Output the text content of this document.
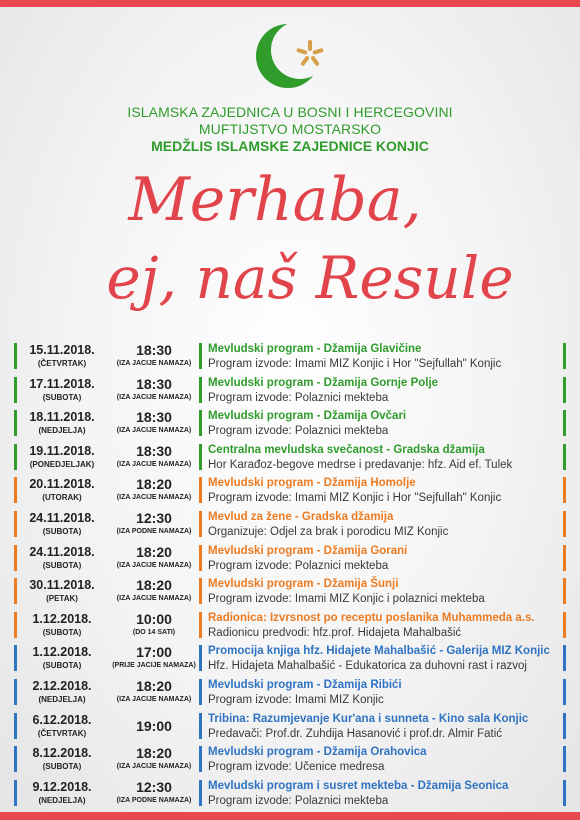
ISLAMSKA ZAJEDNICA U BOSNI I HERCEGOVINI
MUFTIJSTVO MOSTARSKO
MEDŽLIS ISLAMSKE ZAJEDNICE KONJIC
Merhaba,
ej, naš Resule
15.11.2018.
(ČETVRTAK)
18:30
(IZA JACIJE NAMAZA)
Mevludski program - Džamija Glavičine
Program izvode: Imami MIZ Konjic i Hor "Sejfullah" Konjic
17.11.2018.
(SUBOTA)
18:30
(IZA JACIJE NAMAZA)
Mevludski program - Džamija Gornje Polje
Program izvode: Polaznici mekteba
18.11.2018.
(NEDJELJA)
18:30
(IZA JACIJE NAMAZA)
Mevludski program - Džamija Ovčari
Program izvode: Polaznici mekteba
19.11.2018.
(PONEDJELJAK)
18:30
(IZA JACIJE NAMAZA)
Centralna mevludska svečanost - Gradska džamija
Hor Karađoz-begove medrse i predavanje: hfz. Aid ef. Tulek
20.11.2018.
(UTORAK)
18:20
(IZA JACIJE NAMAZA)
Mevludski program - Džamija Homolje
Program izvode: Imami MIZ Konjic i Hor "Sejfullah" Konjic
24.11.2018.
(SUBOTA)
12:30
(IZA PODNE NAMAZA)
Mevlud za žene - Gradska džamija
Organizuje: Odjel za brak i porodicu MIZ Konjic
24.11.2018.
(SUBOTA)
18:20
(IZA JACIJE NAMAZA)
Mevludski program - Džamija Gorani
Program izvode: Polaznici mekteba
30.11.2018.
(PETAK)
18:20
(IZA JACIJE NAMAZA)
Mevludski program - Džamija Šunji
Program izvode: Imami MIZ Konjic i polaznici mekteba
1.12.2018.
(SUBOTA)
10:00
(DO 14 SATI)
Radionica: Izvrsnost po receptu poslanika Muhammeda a.s.
Radionicu predvodi: hfz.prof. Hidajeta Mahalbašić
1.12.2018.
(SUBOTA)
17:00
(PRIJE JACIJE NAMAZA)
Promocija knjiga hfz. Hidajete Mahalbašić - Galerija MIZ Konjic
Hfz. Hidajeta Mahalbašić - Edukatorica za duhovni rast i razvoj
2.12.2018.
(NEDJELJA)
18:20
(IZA JACIJE NAMAZA)
Mevludski program - Džamija Ribići
Program izvode: Imami MIZ Konjic
6.12.2018.
(ČETVRTAK)	19:00	Tribina: Razumjevanje Kur'ana i sunneta - Kino sala Konjic
Predavači: Prof.dr. Zuhdija Hasanović i prof.dr. Almir Fatić
8.12.2018.
(SUBOTA)
18:20
(IZA JACIJE NAMAZA)
Mevludski program - Džamija Orahovica
Program izvode: Učenice medresa
9.12.2018.
(NEDJELJA)
12:30
(IZA PODNE NAMAZA)
Mevludski program i susret mekteba - Džamija Seonica
Program izvode: Polaznici mekteba
